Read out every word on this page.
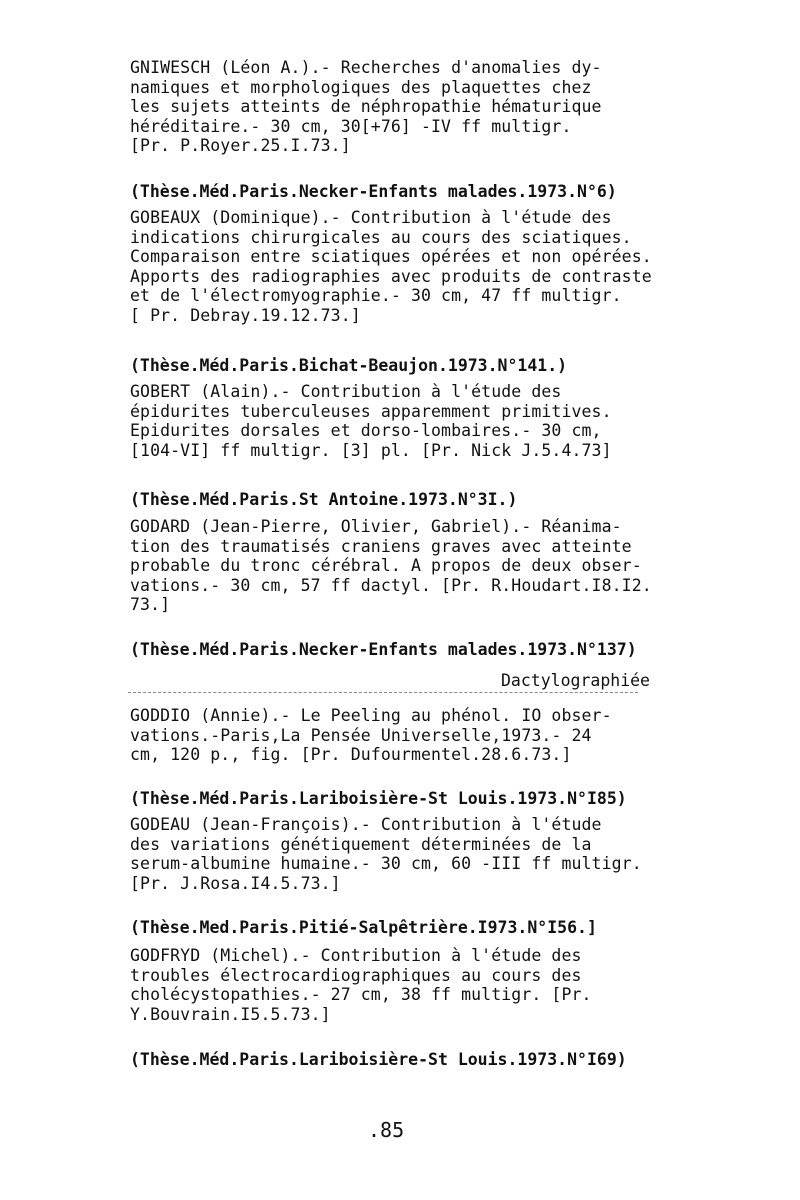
GNIWESCH (Léon A.).- Recherches d'anomalies dy-
namiques et morphologiques des plaquettes chez
les sujets atteints de néphropathie hématurique
héréditaire.- 30 cm, 30[+76] -IV ff multigr.
[Pr. P.Royer.25.I.73.]
(Thèse.Méd.Paris.Necker-Enfants malades.1973.N°6)
GOBEAUX (Dominique).- Contribution à l'étude des
indications chirurgicales au cours des sciatiques.
Comparaison entre sciatiques opérées et non opérées.
Apports des radiographies avec produits de contraste
et de l'électromyographie.- 30 cm, 47 ff multigr.
[ Pr. Debray.19.12.73.]
(Thèse.Méd.Paris.Bichat-Beaujon.1973.N°141.)
GOBERT (Alain).- Contribution à l'étude des
épidurites tuberculeuses apparemment primitives.
Epidurites dorsales et dorso-lombaires.- 30 cm,
[104-VI] ff multigr. [3] pl. [Pr. Nick J.5.4.73]
(Thèse.Méd.Paris.St Antoine.1973.N°3I.)
GODARD (Jean-Pierre, Olivier, Gabriel).- Réanima-
tion des traumatisés craniens graves avec atteinte
probable du tronc cérébral. A propos de deux obser-
vations.- 30 cm, 57 ff dactyl. [Pr. R.Houdart.I8.I2.
73.]
(Thèse.Méd.Paris.Necker-Enfants malades.1973.N°137)
Dactylographiée
GODDIO (Annie).- Le Peeling au phénol. IO obser-
vations.-Paris,La Pensée Universelle,1973.- 24
cm, 120 p., fig. [Pr. Dufourmentel.28.6.73.]
(Thèse.Méd.Paris.Lariboisière-St Louis.1973.N°I85)
GODEAU (Jean-François).- Contribution à l'étude
des variations génétiquement déterminées de la
serum-albumine humaine.- 30 cm, 60 -III ff multigr.
[Pr. J.Rosa.I4.5.73.]
(Thèse.Med.Paris.Pitié-Salpêtrière.I973.N°I56.]
GODFRYD (Michel).- Contribution à l'étude des
troubles électrocardiographiques au cours des
cholécystopathies.- 27 cm, 38 ff multigr. [Pr.
Y.Bouvrain.I5.5.73.]
(Thèse.Méd.Paris.Lariboisière-St Louis.1973.N°I69)
.85
